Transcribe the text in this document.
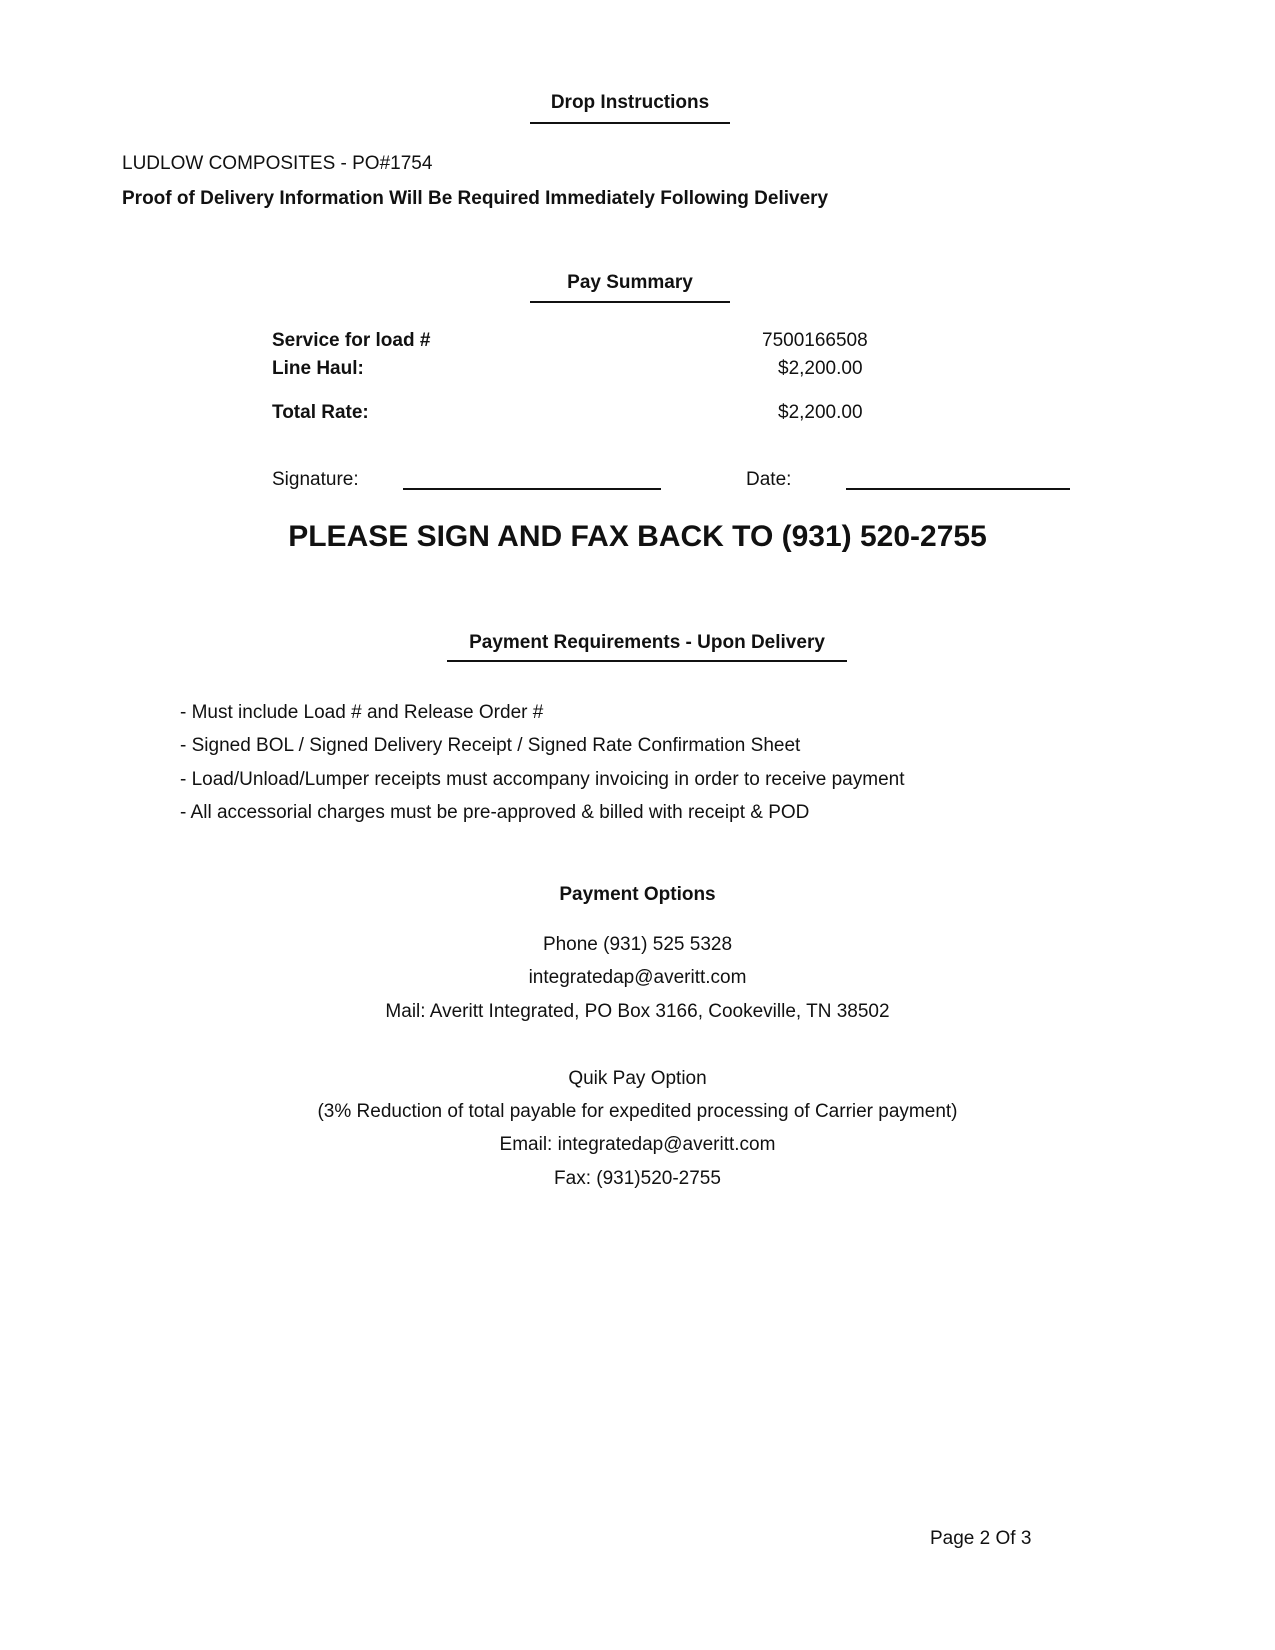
Drop Instructions
LUDLOW COMPOSITES - PO#1754
Proof of Delivery Information Will Be Required Immediately Following Delivery
Pay Summary
Service for load #	7500166508
Line Haul:	$2,200.00
Total Rate:	$2,200.00
Signature:	Date:
PLEASE SIGN AND FAX BACK TO (931) 520-2755
Payment Requirements - Upon Delivery
- Must include Load # and Release Order #
- Signed BOL / Signed Delivery Receipt / Signed Rate Confirmation Sheet
- Load/Unload/Lumper receipts must accompany invoicing in order to receive payment
- All accessorial charges must be pre-approved & billed with receipt & POD
Payment Options
Phone (931) 525 5328
integratedap@averitt.com
Mail: Averitt Integrated, PO Box 3166, Cookeville, TN 38502
Quik Pay Option
(3% Reduction of total payable for expedited processing of Carrier payment)
Email: integratedap@averitt.com
Fax: (931)520-2755
Page 2 Of 3
